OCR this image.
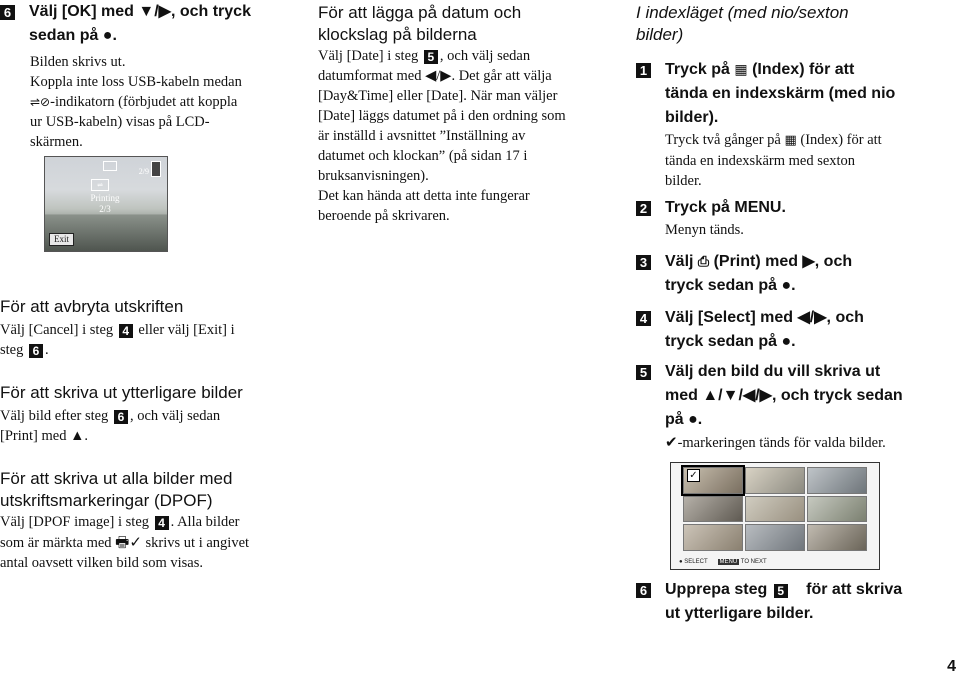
6 Välj [OK] med ▼/▶, och tryck sedan på ●.
Bilden skrivs ut.
Koppla inte loss USB-kabeln medan
⇌⊘-indikatorn (förbjudet att koppla
ur USB-kabeln) visas på LCD-
skärmen.
⇌
2/9
Printing
2/3
Exit
För att avbryta utskriften
Välj [Cancel] i steg 4 eller välj [Exit] i
steg 6 .
För att skriva ut ytterligare bilder
Välj bild efter steg 6 , och välj sedan
[Print] med ▲.
För att skriva ut alla bilder med
utskriftsmarkeringar (DPOF)
Välj [DPOF image] i steg 4 . Alla bilder
som är märkta med 🖶✓ skrivs ut i angivet
antal oavsett vilken bild som visas.
För att lägga på datum och
klockslag på bilderna
Välj [Date] i steg 5 , och välj sedan
datumformat med ◀/▶. Det går att välja
[Day&Time] eller [Date]. När man väljer
[Date] läggs datumet på i den ordning som
är inställd i avsnittet ”Inställning av
datumet och klockan” (på sidan 17 i
bruksanvisningen).
Det kan hända att detta inte fungerar
beroende på skrivaren.
I indexläget (med nio/sexton
bilder)
1 Tryck på ▦ (Index) för att
tända en indexskärm (med nio
bilder).
Tryck två gånger på ▦ (Index) för att
tända en indexskärm med sexton
bilder.
2 Tryck på MENU.
Menyn tänds.
3 Välj ⎙ (Print) med ▶, och
tryck sedan på ●.
4 Välj [Select] med ◀/▶, och
tryck sedan på ●.
5 Välj den bild du vill skriva ut
med ▲/▼/◀/▶, och tryck sedan
på ●.
✔-markeringen tänds för valda bilder.
✓
● SELECT MENU TO NEXT
6 Upprepa steg 5 för att skriva
ut ytterligare bilder.
4
